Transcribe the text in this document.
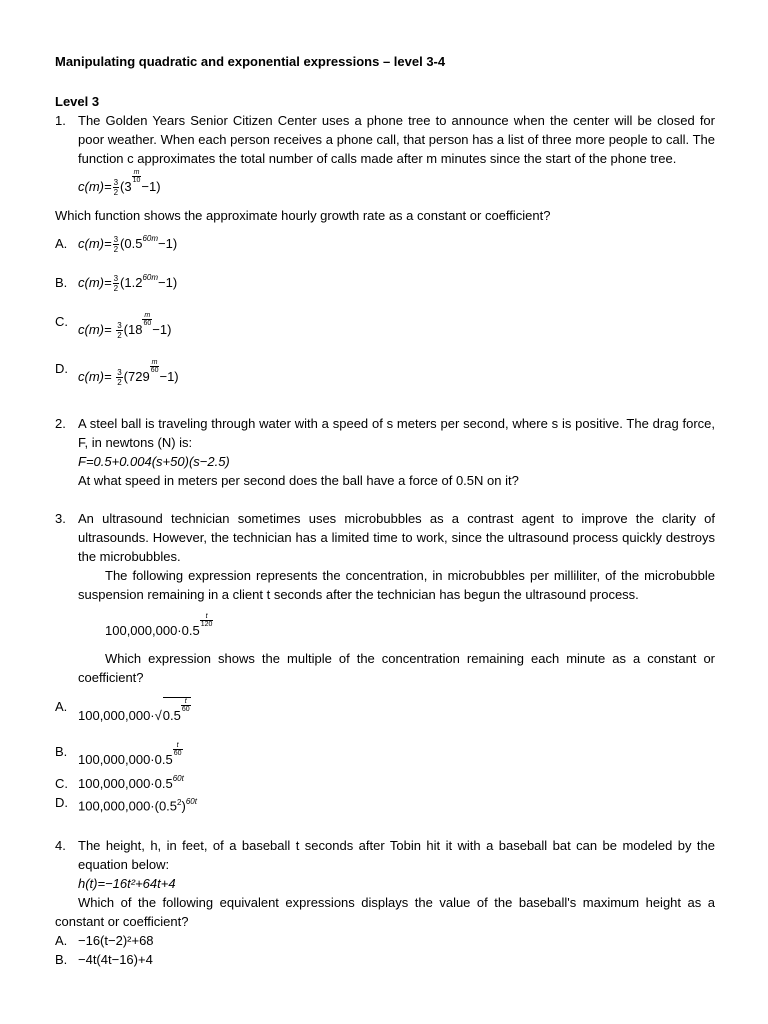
Manipulating quadratic and exponential expressions – level 3-4
Level 3
1. The Golden Years Senior Citizen Center uses a phone tree to announce when the center will be closed for poor weather. When each person receives a phone call, that person has a list of three more people to call. The function c approximates the total number of calls made after m minutes since the start of the phone tree.
$c(m)= \frac{3}{2} (3$
$\frac{m}{10}$
−1)
Which function shows the approximate hourly growth rate as a constant or coefficient?
A. $c(m)= \frac{3}{2} (0.560m-1)$
B. $c(m)= \frac{3}{2} (1.260m-1)$
C.
$c(m)= \frac{3}{2} (18$
$\frac{m}{60}$
−1)
D.
$c(m)= \frac{3}{2} (729$
$\frac{m}{60}$
−1)
2. A steel ball is traveling through water with a speed of s meters per second, where s is positive. The drag force, F, in newtons (N) is:
F=0.5+0.004(s+50)(s−2.5)
At what speed in meters per second does the ball have a force of 0.5N on it?
3. An ultrasound technician sometimes uses microbubbles as a contrast agent to improve the clarity of ultrasounds. However, the technician has a limited time to work, since the ultrasound process quickly destroys the microbubbles.
The following expression represents the concentration, in microbubbles per milliliter, of the microbubble suspension remaining in a client t seconds after the technician has begun the ultrasound process.
100,000,000·0.5
$\frac{t}{120}$
Which expression shows the multiple of the concentration remaining each minute as a constant or coefficient?
A.
100,000,000·√0.5
$\frac{t}{60}$
B.
100,000,000·0.5
$\frac{t}{60}$
C. 100,000,000·0.560t
D. $100,000,000\cdot(0.5^2)60t$
4. The height, h, in feet, of a baseball t seconds after Tobin hit it with a baseball bat can be modeled by the equation below:
h(t)=−16t²+64t+4
Which of the following equivalent expressions displays the value of the baseball's maximum height as a constant or coefficient?
A. −16(t−2)²+68
B. −4t(4t−16)+4
